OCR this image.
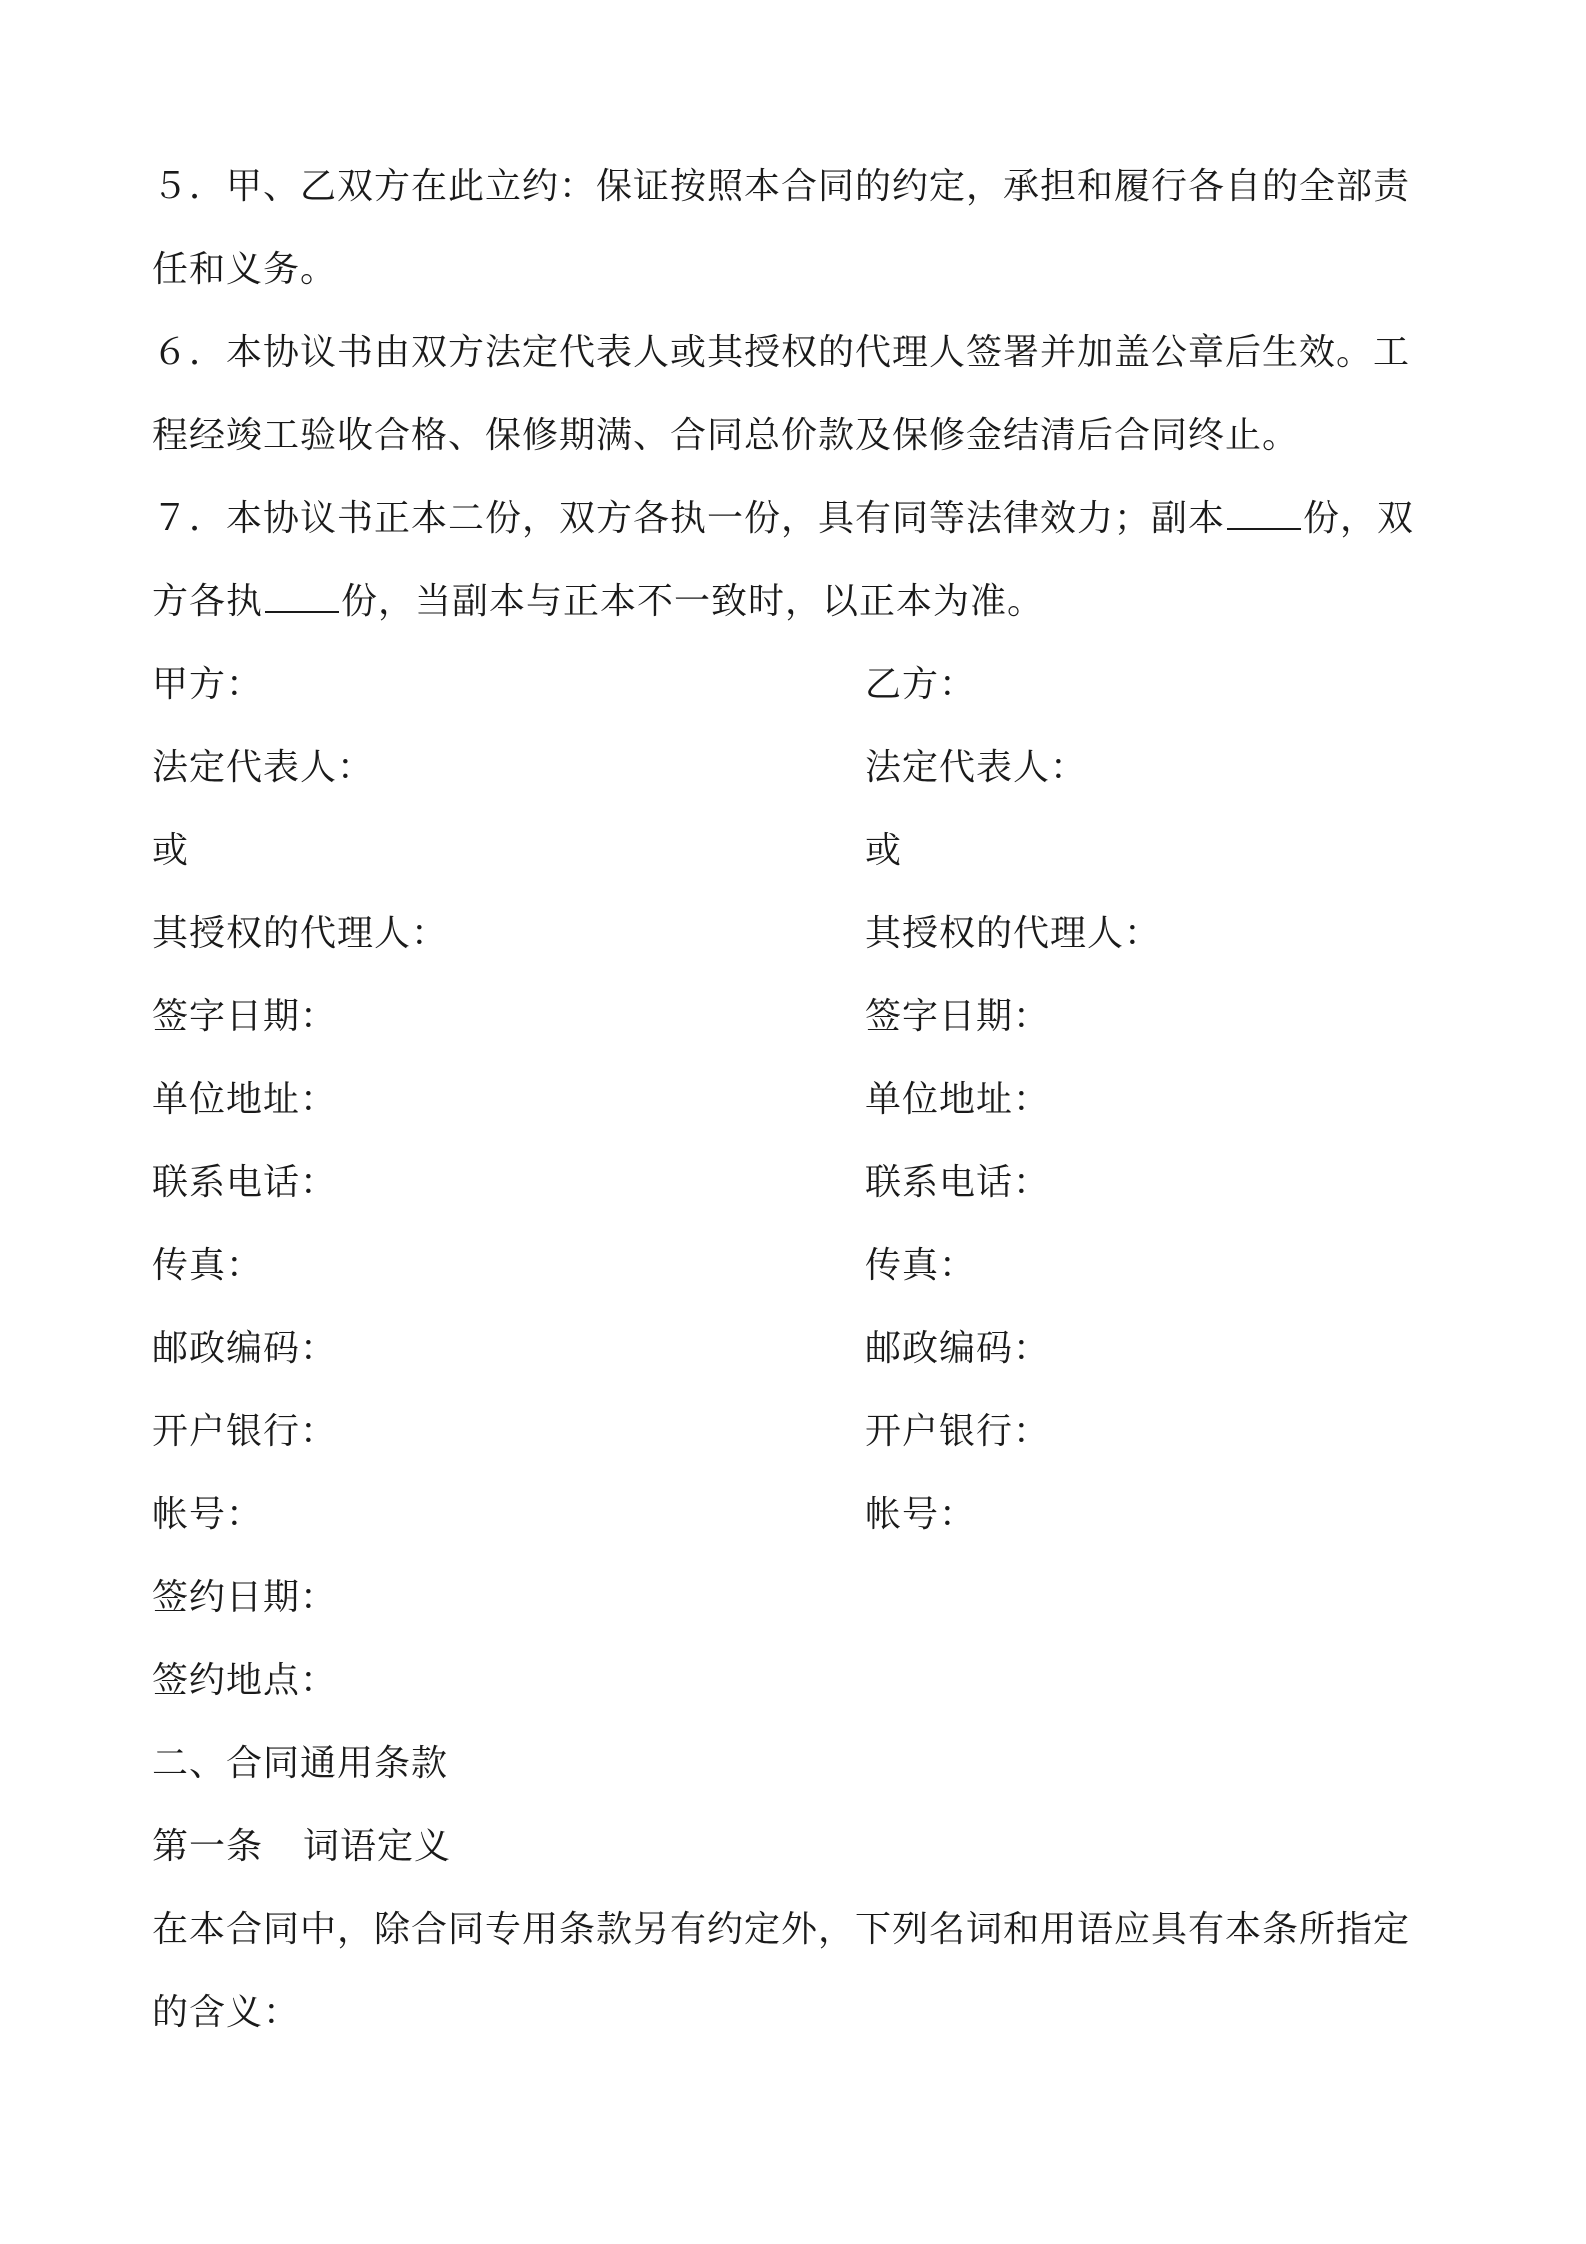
５．甲、乙双方在此立约：保证按照本合同的约定，承担和履行各自的全部责
任和义务。
６．本协议书由双方法定代表人或其授权的代理人签署并加盖公章后生效。工
程经竣工验收合格、保修期满、合同总价款及保修金结清后合同终止。
７．本协议书正本二份，双方各执一份，具有同等法律效力；副本 份，双
方各执 份，当副本与正本不一致时，以正本为准。
甲方：	乙方：
法定代表人：	法定代表人：
或	或
其授权的代理人：	其授权的代理人：
签字日期：	签字日期：
单位地址：	单位地址：
联系电话：	联系电话：
传真：	传真：
邮政编码：	邮政编码：
开户银行：	开户银行：
帐号：	帐号：
签约日期：
签约地点：
二、合同通用条款
第一条 词语定义
在本合同中，除合同专用条款另有约定外，下列名词和用语应具有本条所指定
的含义：
